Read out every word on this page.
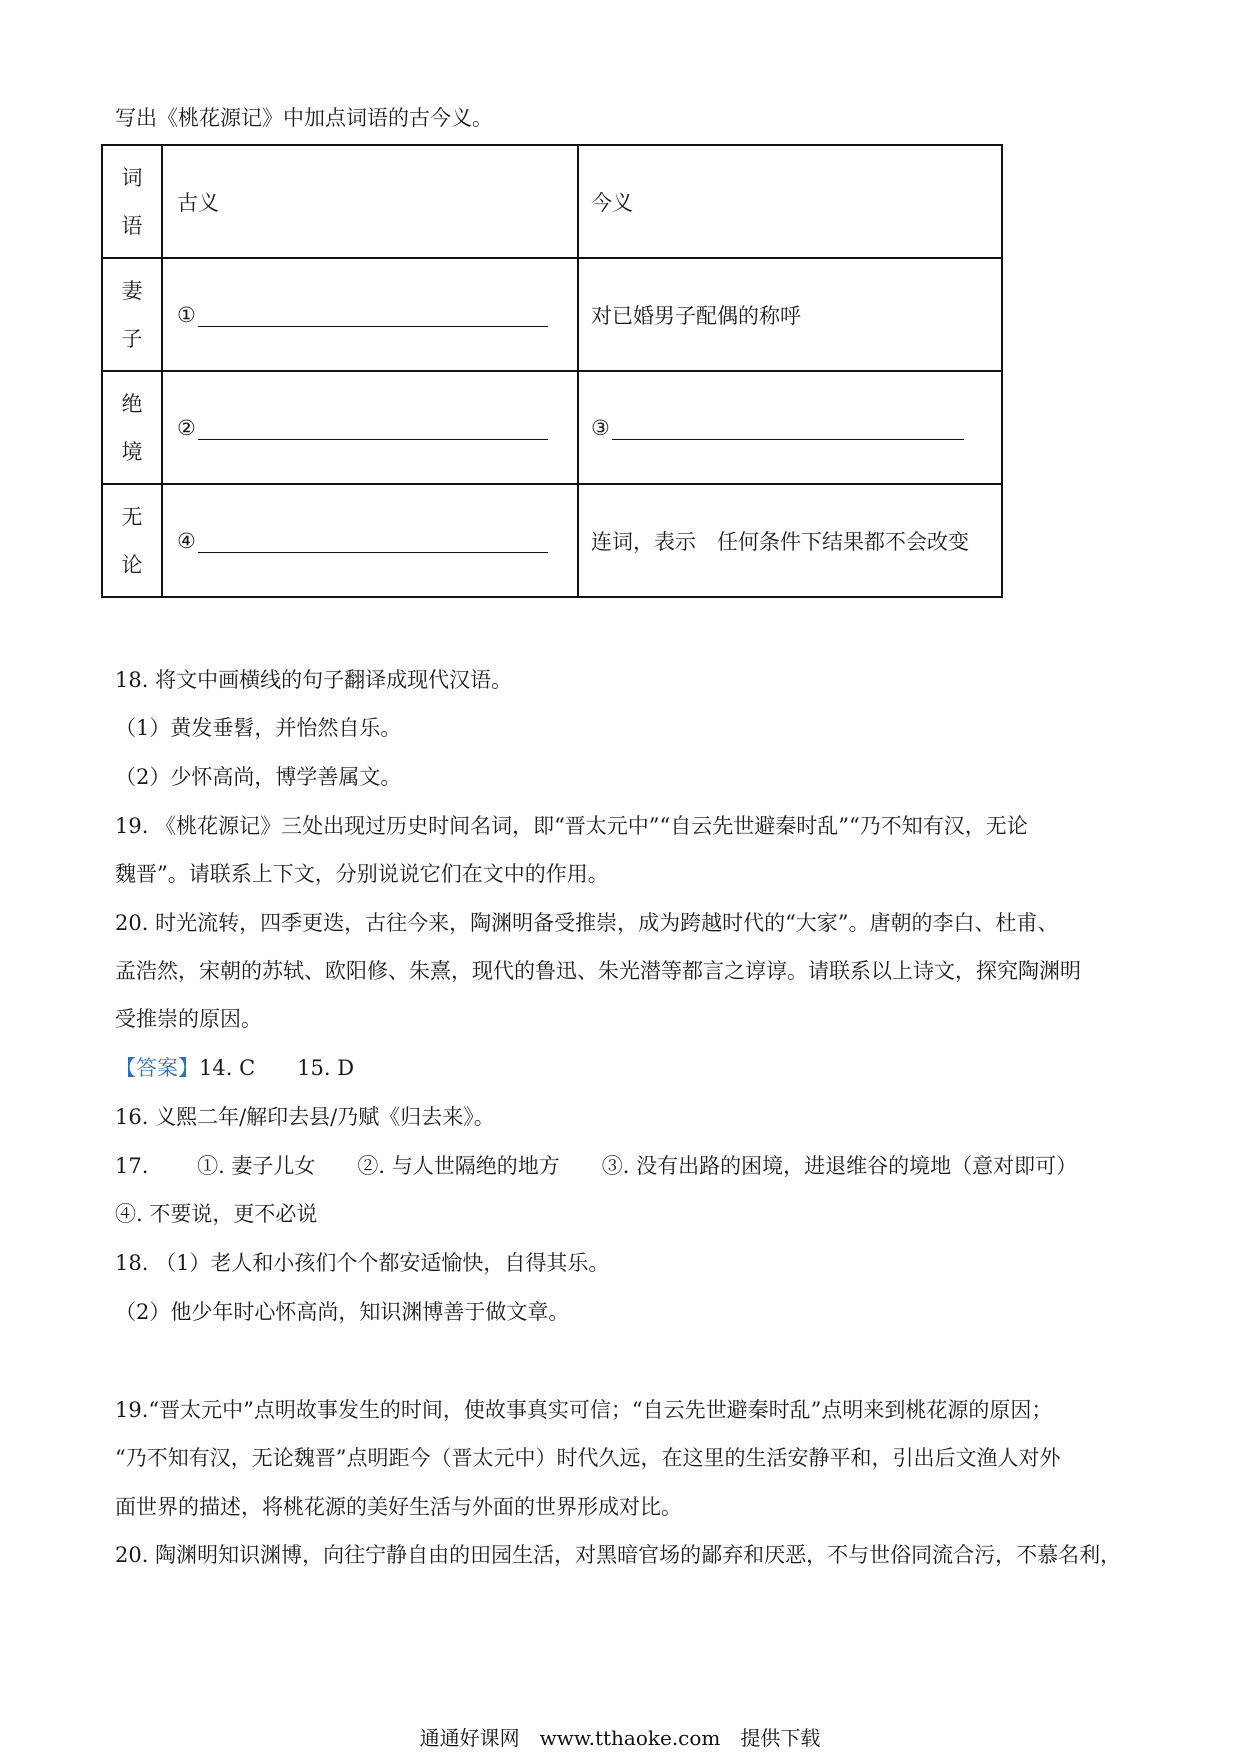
写出《桃花源记》中加点词语的古今义。
词
语	古义	今义

妻
子	①	对已婚男子配偶的称呼

绝
境	②	③

无
论	④	连词，表示　任何条件下结果都不会改变
18. 将文中画横线的句子翻译成现代汉语。
（1）黄发垂髫，并怡然自乐。
（2）少怀高尚，博学善属文。
19. 《桃花源记》三处出现过历史时间名词，即“晋太元中”“自云先世避秦时乱”“乃不知有汉，无论
魏晋”。请联系上下文，分别说说它们在文中的作用。
20. 时光流转，四季更迭，古往今来，陶渊明备受推崇，成为跨越时代的“大家”。唐朝的李白、杜甫、
孟浩然，宋朝的苏轼、欧阳修、朱熹，现代的鲁迅、朱光潜等都言之谆谆。请联系以上诗文，探究陶渊明
受推崇的原因。
【答案】14. C　　15. D
16. 义熙二年/解印去县/乃赋《归去来》。
17.　　 ①. 妻子儿女　　②. 与人世隔绝的地方　　③. 没有出路的困境，进退维谷的境地（意对即可）
④. 不要说，更不必说
18. （1）老人和小孩们个个都安适愉快，自得其乐。
（2）他少年时心怀高尚，知识渊博善于做文章。
19.“晋太元中”点明故事发生的时间，使故事真实可信；“自云先世避秦时乱”点明来到桃花源的原因；
“乃不知有汉，无论魏晋”点明距今（晋太元中）时代久远，在这里的生活安静平和，引出后文渔人对外
面世界的描述，将桃花源的美好生活与外面的世界形成对比。
20. 陶渊明知识渊博，向往宁静自由的田园生活，对黑暗官场的鄙弃和厌恶，不与世俗同流合污，不慕名利，
通通好课网　www.tthaoke.com　提供下载
